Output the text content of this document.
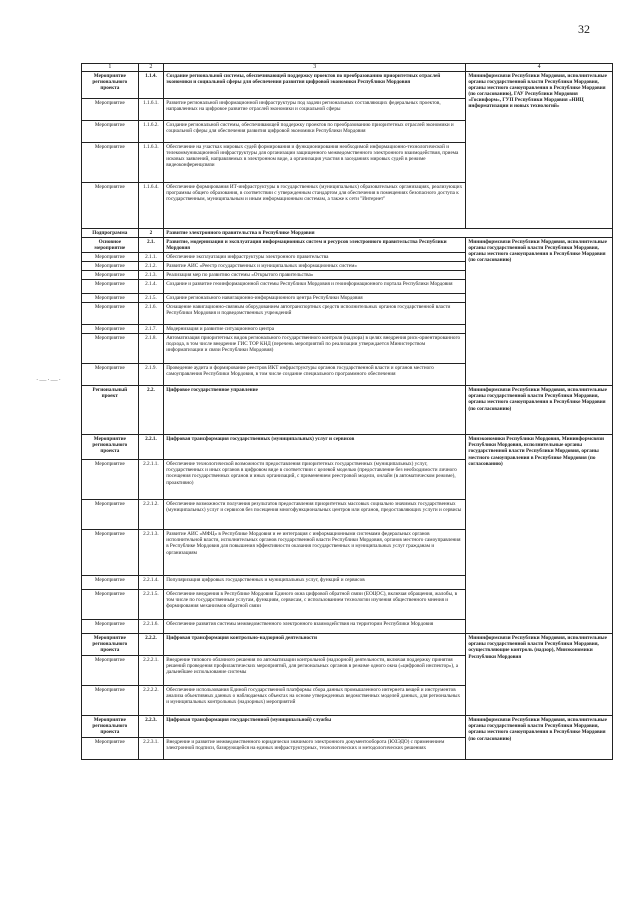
32
·—·—·
1	2	3	4
Мероприятие регионального проекта	1.1.4.	Создание региональной системы, обеспечивающей поддержку проектов по преобразованию приоритетных отраслей экономики и социальной сферы для обеспечения развития цифровой экономики Республики Мордовия	Мининформсвязи Республики Мордовия, исполнительные органы государственной власти Республики Мордовия, органы местного самоуправления в Республике Мордовия (по согласованию), ГАУ Республики Мордовия «Госинформ», ГУП Республики Мордовия «НИЦ информатизации и новых технологий»
Мероприятие	1.1.6.1.	Развитие региональной информационной инфраструктуры под задачи региональных составляющих федеральных проектов, направленных на цифровое развитие отраслей экономики и социальной сферы	
Мероприятие	1.1.6.2.	Создание региональной системы, обеспечивающей поддержку проектов по преобразованию приоритетных отраслей экономики и социальной сферы для обеспечения развития цифровой экономики Республики Мордовия	
Мероприятие	1.1.6.3.	Обеспечение на участках мировых судей формирования и функционирования необходимой информационно-технологической и телекоммуникационной инфраструктуры для организации защищенного межведомственного электронного взаимодействия, приема исковых заявлений, направляемых в электронном виде, а организация участия в заседаниях мировых судей в режиме видеоконференцсвязи	
Мероприятие	1.1.6.4.	Обеспечение формирования ИТ-инфраструктуры в государственных (муниципальных) образовательных организациях, реализующих программы общего образования, в соответствии с утвержденным стандартом для обеспечения в помещениях безопасного доступа к государственным, муниципальным и иным информационным системам, а также к сети "Интернет"	
Подпрограмма	2	Развитие электронного правительства в Республике Мордовия	
Основное мероприятие	2.1.	Развитие, модернизация и эксплуатация информационных систем и ресурсов электронного правительства Республики Мордовия	Мининформсвязи Республики Мордовия, исполнительные органы государственной власти Республики Мордовия, органы местного самоуправления в Республике Мордовия (по согласованию)
Мероприятие	2.1.1.	Обеспечение эксплуатации инфраструктуры электронного правительства	
Мероприятие	2.1.2.	Развитие АИС «Реестр государственных и муниципальных информационных систем»	
Мероприятие	2.1.3.	Реализация мер по развитию системы «Открытого правительства»	
Мероприятие	2.1.4.	Создание и развитие геоинформационной системы Республики Мордовия и геоинформационного портала Республики Мордовия	
Мероприятие	2.1.5.	Создание регионального навигационно-информационного центра Республики Мордовия	
Мероприятие	2.1.6.	Оснащение навигационно-связным оборудованием автотранспортных средств исполнительных органов государственной власти Республики Мордовия и подведомственных учреждений	
Мероприятие	2.1.7.	Модернизация и развитие ситуационного центра	
Мероприятие	2.1.8.	Автоматизация приоритетных видов регионального государственного контроля (надзора) в целях внедрения риск-ориентированного подхода, в том числе внедрение ГИС ТОР КНД (перечень мероприятий по реализации утверждается Министерством информатизации и связи Республики Мордовия)	
Мероприятие	2.1.9.	Проведение аудита и формирование реестров ИКТ инфраструктуры органов государственной власти и органов местного самоуправления Республики Мордовия, в том числе создание специального программного обеспечения	
Региональный проект	2.2.	Цифровое государственное управление	Мининформсвязи Республики Мордовия, исполнительные органы государственной власти Республики Мордовия, органы местного самоуправления в Республике Мордовия (по согласованию)
Мероприятие регионального проекта	2.2.1.	Цифровая трансформация государственных (муниципальных) услуг и сервисов	Минэкономики Республики Мордовия, Мининформсвязи Республики Мордовия, исполнительные органы государственной власти Республики Мордовия, органы местного самоуправления в Республике Мордовия (по согласованию)
Мероприятие	2.2.1.1.	Обеспечение технологической возможности предоставления приоритетных государственных (муниципальных) услуг, государственных и иных органов в цифровом виде в соответствии с целевой моделью (предоставление без необходимости личного посещения государственных органов и иных организаций, с применением реестровой модели, онлайн (в автоматическом режиме), проактивно)	
Мероприятие	2.2.1.2.	Обеспечение возможности получения результатов предоставления приоритетных массовых социально значимых государственных (муниципальных) услуг и сервисов без посещения многофункциональных центров или органов, предоставляющих услуги и сервисы	
Мероприятие	2.2.1.3.	Развитие АИС «МФЦ» в Республике Мордовия и ее интеграция с информационными системами федеральных органов исполнительной власти, исполнительных органов государственной власти Республики Мордовия, органов местного самоуправления в Республике Мордовия для повышения эффективности оказания государственных и муниципальных услуг гражданам и организациям	
Мероприятие	2.2.1.4.	Популяризация цифровых государственных и муниципальных услуг, функций и сервисов	
Мероприятие	2.2.1.5.	Обеспечение внедрения в Республике Мордовия Единого окна цифровой обратной связи (ЕОЦОС), включая обращения, жалобы, в том числе по государственным услугам, функциям, сервисам, с использованием технологии изучения общественного мнения и формирования механизмов обратной связи	
Мероприятие	2.2.1.6.	Обеспечение развития системы межведомственного электронного взаимодействия на территории Республики Мордовия	
Мероприятие регионального проекта	2.2.2.	Цифровая трансформация контрольно-надзорной деятельности	Мининформсвязи Республики Мордовия, исполнительные органы государственной власти Республики Мордовия, осуществляющие контроль (надзор), Минэкономики Республики Мордовия
Мероприятие	2.2.2.1.	Внедрение типового облачного решения по автоматизации контрольной (надзорной) деятельности, включая поддержку принятия решений проведения профилактических мероприятий, для региональных органов в режиме одного окна («цифровой инспектор»), а дальнейшее использование системы	
Мероприятие	2.2.2.2.	Обеспечение использования Единой государственной платформы сбора данных промышленного интернета вещей и инструментов анализа объективных данных о наблюдаемых объектах на основе утвержденных ведомственных моделей данных, для региональных и муниципальных контрольных (надзорных) мероприятий	
Мероприятие регионального проекта	2.2.3.	Цифровая трансформация государственной (муниципальной) службы	Мининформсвязи Республики Мордовия, исполнительные органы государственной власти Республики Мордовия, органы местного самоуправления в Республике Мордовия (по согласованию)
Мероприятие	2.2.3.1.	Внедрение и развитие межведомственного юридически значимого электронного документооборота (ЮЗЭДО) с применением электронной подписи, базирующейся на единых инфраструктурных, технологических и методологических решениях	
